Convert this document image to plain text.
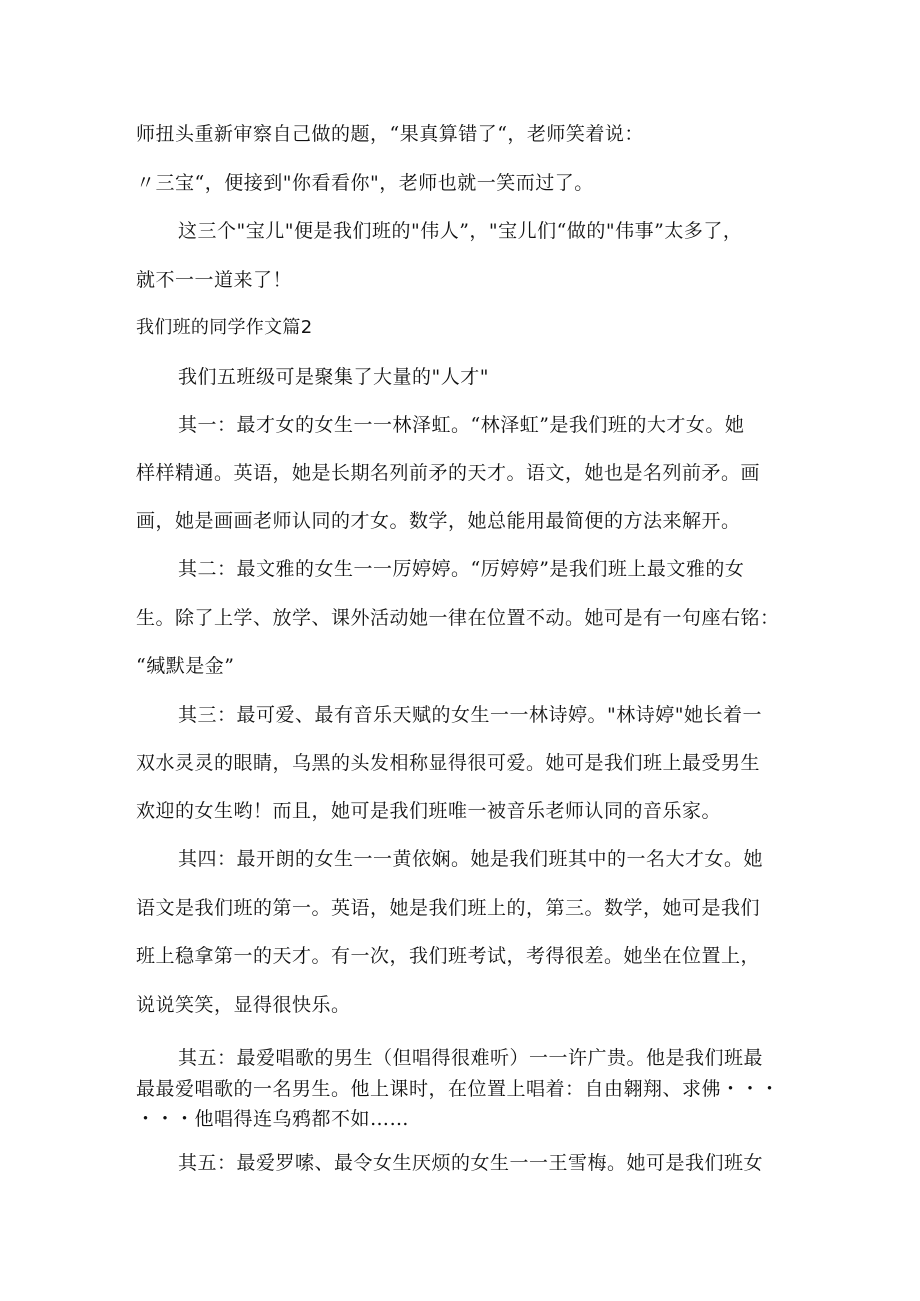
师扭头重新审察自己做的题，“果真算错了“，老师笑着说：
〃三宝“，便接到"你看看你"，老师也就一笑而过了。
这三个"宝儿"便是我们班的"伟人”，"宝儿们“做的"伟事”太多了，
就不一一道来了！
我们班的同学作文篇2
我们五班级可是聚集了大量的"人才"
其一：最才女的女生一一林泽虹。“林泽虹”是我们班的大才女。她
样样精通。英语，她是长期名列前矛的天才。语文，她也是名列前矛。画
画，她是画画老师认同的才女。数学，她总能用最简便的方法来解开。
其二：最文雅的女生一一厉婷婷。“厉婷婷”是我们班上最文雅的女
生。除了上学、放学、课外活动她一律在位置不动。她可是有一句座右铭：
“缄默是金”
其三：最可爱、最有音乐天赋的女生一一林诗婷。"林诗婷"她长着一
双水灵灵的眼睛，乌黑的头发相称显得很可爱。她可是我们班上最受男生
欢迎的女生哟！而且，她可是我们班唯一被音乐老师认同的音乐家。
其四：最开朗的女生一一黄依娴。她是我们班其中的一名大才女。她
语文是我们班的第一。英语，她是我们班上的，第三。数学，她可是我们
班上稳拿第一的天才。有一次，我们班考试，考得很差。她坐在位置上，
说说笑笑，显得很快乐。
其五：最爱唱歌的男生（但唱得很难听）一一许广贵。他是我们班最
最最爱唱歌的一名男生。他上课时，在位置上唱着：自由翱翔、求佛・・・
・・・他唱得连乌鸦都不如……
其五：最爱罗嗦、最令女生厌烦的女生一一王雪梅。她可是我们班女
